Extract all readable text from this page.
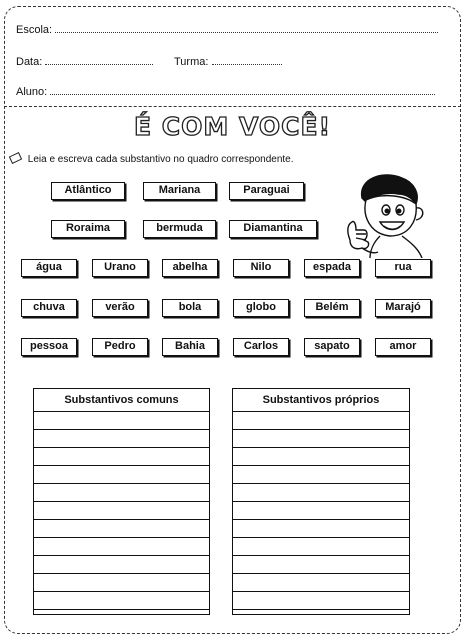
Escola:
Data:	Turma:
Aluno:
É COM VOCÊ!
Leia e escreva cada substantivo no quadro correspondente.
Atlântico	Mariana	Paraguai
Roraima	bermuda	Diamantina
água	Urano	abelha	Nilo	espada	rua
chuva	verão	bola	globo	Belém	Marajó
pessoa	Pedro	Bahia	Carlos	sapato	amor
Substantivos comuns	Substantivos próprios
